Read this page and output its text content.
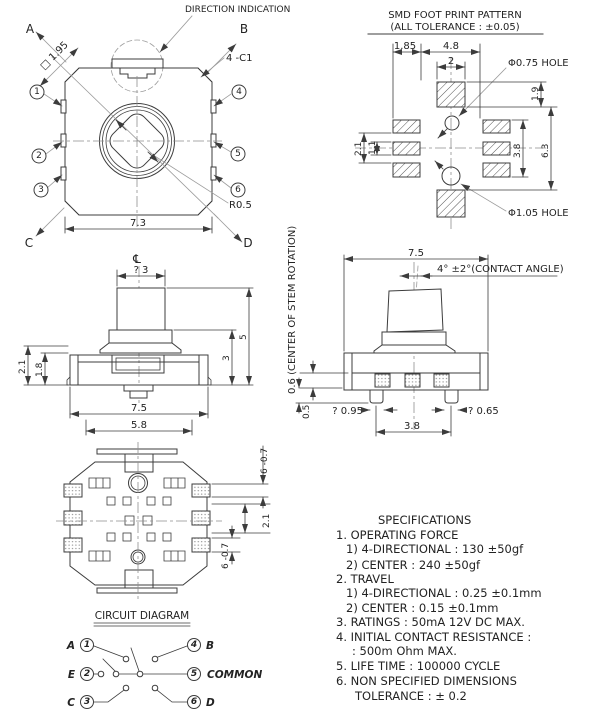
A	B
C	D
□ 1.95
DIRECTION INDICATION
4 -C1
1
2
3
4
5
6
R0.5
7.3
SMD FOOT PRINT PATTERN
(ALL TOLERANCE : ±0.05)
Φ0.75 HOLE
Φ1.05 HOLE
1.85	4.8
2
1.9
3.8 6.3
2.1 1.1
℄
? 3
5
3
2.1 1.8
7.5
5.8
7.5
4° ±2°(CONTACT ANGLE)
0.6 (CENTER OF STEM ROTATION)
0.5 ? 0.95	? 0.65
3.8
6 -0.7
2.1
6 -0.7
CIRCUIT DIAGRAM
1	4
2	5
3	6
A	B
E	COMMON
C	D
SPECIFICATIONS
1. OPERATING FORCE
1) 4-DIRECTIONAL : 130 ±50gf
2) CENTER : 240 ±50gf
2. TRAVEL
1) 4-DIRECTIONAL : 0.25 ±0.1mm
2) CENTER : 0.15 ±0.1mm
3. RATINGS : 50mA 12V DC MAX.
4. INITIAL CONTACT RESISTANCE :
: 500m Ohm MAX.
5. LIFE TIME : 100000 CYCLE
6. NON SPECIFIED DIMENSIONS
TOLERANCE : ± 0.2
